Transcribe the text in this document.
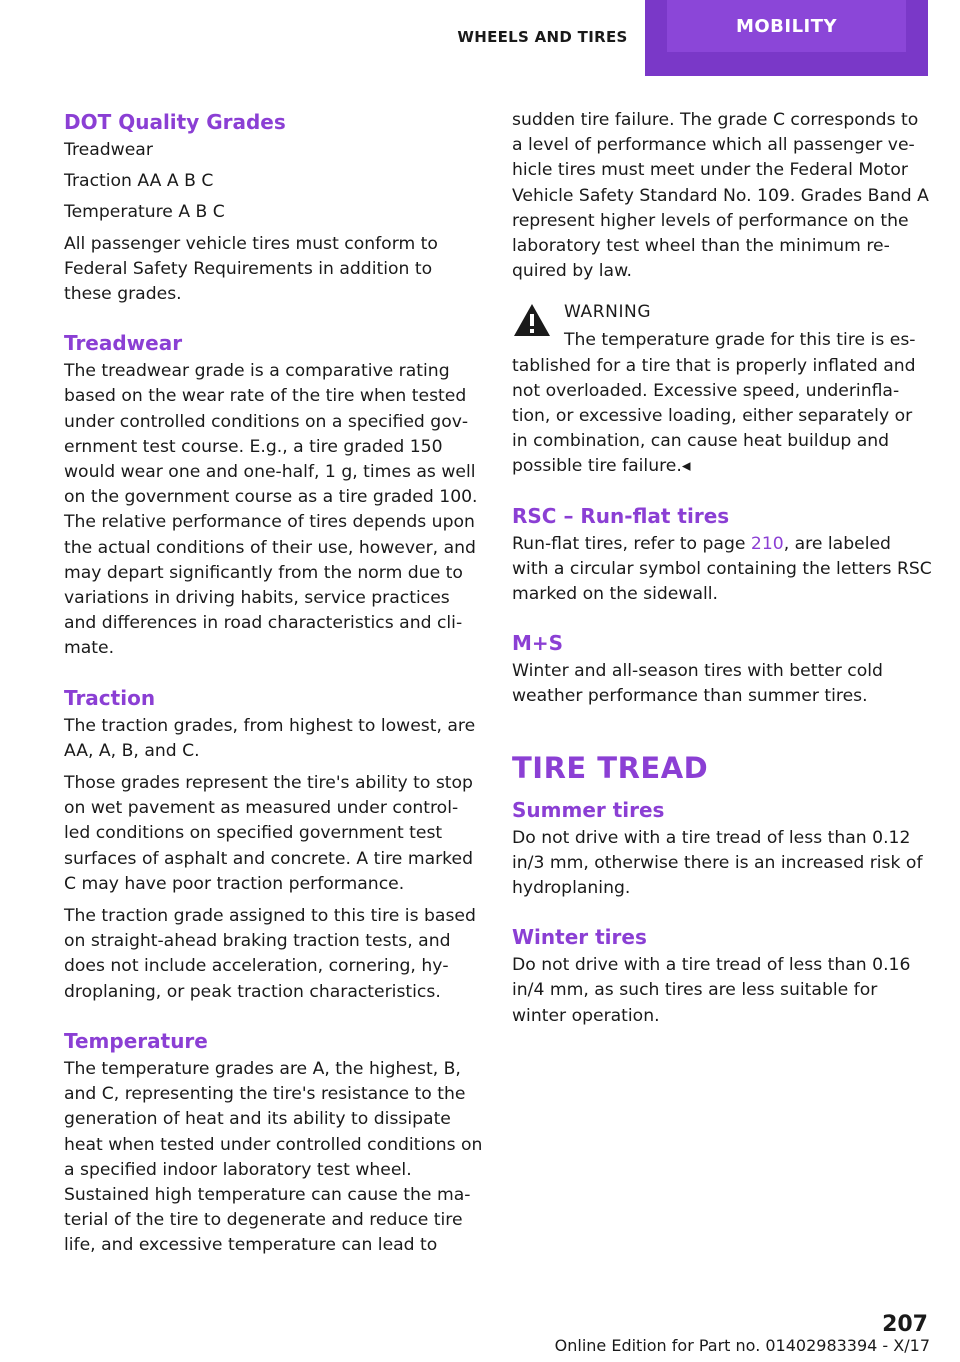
WHEELS AND TIRES
MOBILITY
DOT Quality Grades

Treadwear

Traction AA A B C

Temperature A B C

All passenger vehicle tires must conform to Federal Safety Requirements in addition to these grades.

Treadwear

The treadwear grade is a comparative rating based on the wear rate of the tire when tested under controlled conditions on a specified gov‐ernment test course. E.g., a tire graded 150 would wear one and one-half, 1 g, times as well on the government course as a tire graded 100. The relative performance of tires depends upon the actual conditions of their use, however, and may depart significantly from the norm due to variations in driving habits, service practices and differences in road characteristics and cli‐mate.

Traction

The traction grades, from highest to lowest, are AA, A, B, and C.

Those grades represent the tire's ability to stop on wet pavement as measured under control‐led conditions on specified government test surfaces of asphalt and concrete. A tire marked C may have poor traction performance.

The traction grade assigned to this tire is based on straight-ahead braking traction tests, and does not include acceleration, cornering, hy‐droplaning, or peak traction characteristics.

Temperature

The temperature grades are A, the highest, B, and C, representing the tire's resistance to the generation of heat and its ability to dissipate heat when tested under controlled conditions on a specified indoor laboratory test wheel. Sustained high temperature can cause the ma‐terial of the tire to degenerate and reduce tire life, and excessive temperature can lead to

sudden tire failure. The grade C corresponds to a level of performance which all passenger ve‐hicle tires must meet under the Federal Motor Vehicle Safety Standard No. 109. Grades Band A represent higher levels of performance on the laboratory test wheel than the minimum re‐quired by law.

WARNING

The temperature grade for this tire is es‐tablished for a tire that is properly inflated and not overloaded. Excessive speed, underinfla‐tion, or excessive loading, either separately or in combination, can cause heat buildup and possible tire failure.◂

RSC – Run-flat tires

Run-flat tires, refer to page 210, are labeled with a circular symbol containing the letters RSC marked on the sidewall.

M+S

Winter and all-season tires with better cold weather performance than summer tires.

TIRE TREAD
Summer tires

Do not drive with a tire tread of less than 0.12 in/3 mm, otherwise there is an increased risk of hydroplaning.

Winter tires

Do not drive with a tire tread of less than 0.16 in/4 mm, as such tires are less suitable for winter operation.

207
Online Edition for Part no. 01402983394 - X/17
